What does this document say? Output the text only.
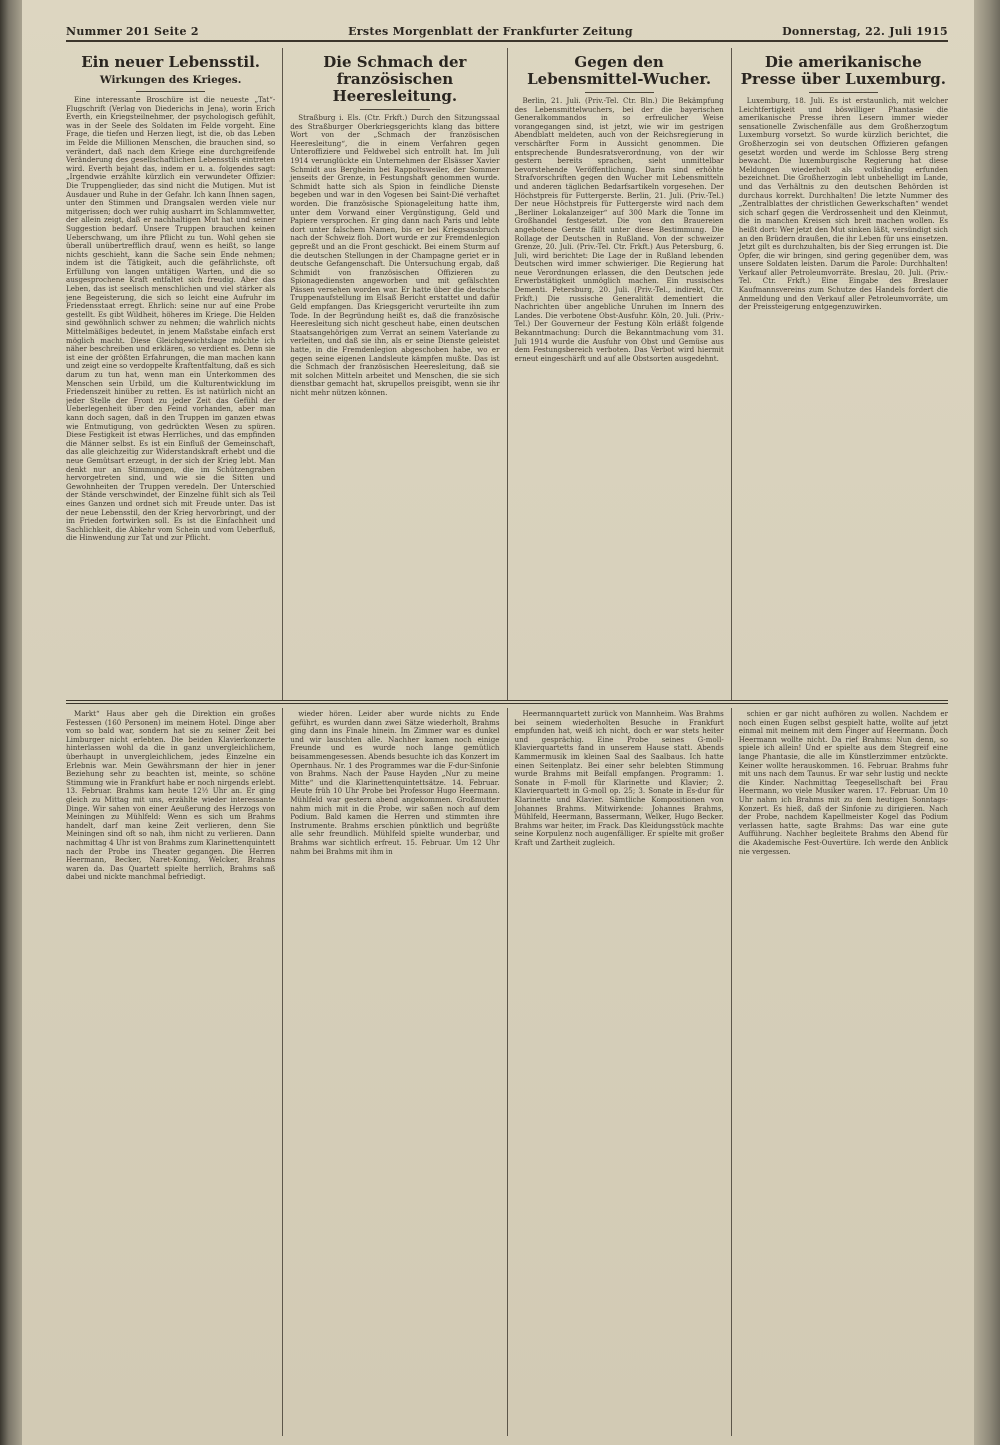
Nummer 201 Seite 2	Erstes Morgenblatt der Frankfurter Zeitung	Donnerstag, 22. Juli 1915
Ein neuer Lebensstil.
Wirkungen des Krieges.
Eine interessante Broschüre ist die neueste „Tat“-Flugschrift (Verlag von Diederichs in Jena), worin Erich Everth, ein Kriegsteilnehmer, der psychologisch gefühlt, was in der Seele des Soldaten im Felde vorgeht. Eine Frage, die tiefen und Herzen liegt, ist die, ob das Leben im Felde die Millionen Menschen, die brauchen sind, so verändert, daß nach dem Kriege eine durchgreifende Veränderung des gesellschaftlichen Lebensstils eintreten wird. Everth bejaht das, indem er u. a. folgendes sagt: „Irgendwie erzählte kürzlich ein verwundeter Offizier: Die Truppenglieder, das sind nicht die Mutigen. Mut ist Ausdauer und Ruhe in der Gefahr. Ich kann Ihnen sagen, unter den Stimmen und Drangsalen werden viele nur mitgerissen; doch wer ruhig ausharrt im Schlammwetter, der allein zeigt, daß er nachhaltigen Mut hat und seiner Suggestion bedarf. Unsere Truppen brauchen keinen Ueberschwang, um ihre Pflicht zu tun. Wohl gehen sie überall unübertrefflich drauf, wenn es heißt, so lange nichts geschieht, kann die Sache sein Ende nehmen; indem ist die Tätigkeit, auch die gefährlichste, oft Erfüllung von langen untätigen Warten, und die so ausgesprochene Kraft entfaltet sich freudig. Aber das Leben, das ist seelisch menschlichen und viel stärker als jene Begeisterung, die sich so leicht eine Aufruhr im Friedensstaat erregt. Ehrlich: seine nur auf eine Probe gestellt. Es gibt Wildheit, höheres im Kriege. Die Helden sind gewöhnlich schwer zu nehmen; die wahrlich nichts Mittelmäßiges bedeutet, in jenem Maßstabe einfach erst möglich macht. Diese Gleichgewichtslage möchte ich näher beschreiben und erklären, so verdient es. Denn sie ist eine der größten Erfahrungen, die man machen kann und zeigt eine so verdoppelte Kraftentfaltung, daß es sich darum zu tun hat, wenn man ein Unterkommen des Menschen sein Urbild, um die Kulturentwicklung im Friedenszeit hinüber zu retten. Es ist natürlich nicht an jeder Stelle der Front zu jeder Zeit das Gefühl der Ueberlegenheit über den Feind vorhanden, aber man kann doch sagen, daß in den Truppen im ganzen etwas wie Entmutigung, von gedrückten Wesen zu spüren. Diese Festigkeit ist etwas Herrliches, und das empfinden die Männer selbst. Es ist ein Einfluß der Gemeinschaft, das alle gleichzeitig zur Widerstandskraft erhebt und die neue Gemütsart erzeugt, in der sich der Krieg lebt. Man denkt nur an Stimmungen, die im Schützengraben hervorgetreten sind, und wie sie die Sitten und Gewohnheiten der Truppen veredeln. Der Unterschied der Stände verschwindet, der Einzelne fühlt sich als Teil eines Ganzen und ordnet sich mit Freude unter. Das ist der neue Lebensstil, den der Krieg hervorbringt, und der im Frieden fortwirken soll. Es ist die Einfachheit und Sachlichkeit, die Abkehr vom Schein und vom Ueberfluß, die Hinwendung zur Tat und zur Pflicht.
Die Schmach der französischen Heeresleitung.
Straßburg i. Els. (Ctr. Frkft.) Durch den Sitzungssaal des Straßburger Oberkriegsgerichts klang das bittere Wort von der „Schmach der französischen Heeresleitung“, die in einem Verfahren gegen Unteroffiziere und Feldwebel sich entrollt hat. Im Juli 1914 verunglückte ein Unternehmen der Elsässer Xavier Schmidt aus Bergheim bei Rappoltsweiler, der Sommer jenseits der Grenze, in Festungshaft genommen wurde. Schmidt hatte sich als Spion in feindliche Dienste begeben und war in den Vogesen bei Saint-Dié verhaftet worden. Die französische Spionageleitung hatte ihm, unter dem Vorwand einer Vergünstigung, Geld und Papiere versprochen. Er ging dann nach Paris und lebte dort unter falschem Namen, bis er bei Kriegsausbruch nach der Schweiz floh. Dort wurde er zur Fremdenlegion gepreßt und an die Front geschickt. Bei einem Sturm auf die deutschen Stellungen in der Champagne geriet er in deutsche Gefangenschaft. Die Untersuchung ergab, daß Schmidt von französischen Offizieren zu Spionagediensten angeworben und mit gefälschten Pässen versehen worden war. Er hatte über die deutsche Truppenaufstellung im Elsaß Bericht erstattet und dafür Geld empfangen. Das Kriegsgericht verurteilte ihn zum Tode. In der Begründung heißt es, daß die französische Heeresleitung sich nicht gescheut habe, einen deutschen Staatsangehörigen zum Verrat an seinem Vaterlande zu verleiten, und daß sie ihn, als er seine Dienste geleistet hatte, in die Fremdenlegion abgeschoben habe, wo er gegen seine eigenen Landsleute kämpfen mußte. Das ist die Schmach der französischen Heeresleitung, daß sie mit solchen Mitteln arbeitet und Menschen, die sie sich dienstbar gemacht hat, skrupellos preisgibt, wenn sie ihr nicht mehr nützen können.
Gegen den Lebensmittel-Wucher.
Berlin, 21. Juli. (Priv.-Tel. Ctr. Bln.) Die Bekämpfung des Lebensmittelwuchers, bei der die bayerischen Generalkommandos in so erfreulicher Weise vorangegangen sind, ist jetzt, wie wir im gestrigen Abendblatt meldeten, auch von der Reichsregierung in verschärfter Form in Aussicht genommen. Die entsprechende Bundesratsverordnung, von der wir gestern bereits sprachen, sieht unmittelbar bevorstehende Veröffentlichung. Darin sind erhöhte Strafvorschriften gegen den Wucher mit Lebensmitteln und anderen täglichen Bedarfsartikeln vorgesehen. Der Höchstpreis für Futtergerste. Berlin, 21. Juli. (Priv.-Tel.) Der neue Höchstpreis für Futtergerste wird nach dem „Berliner Lokalanzeiger“ auf 300 Mark die Tonne im Großhandel festgesetzt. Die von den Brauereien angebotene Gerste fällt unter diese Bestimmung. Die Rollage der Deutschen in Rußland. Von der schweizer Grenze, 20. Juli. (Priv.-Tel. Ctr. Frkft.) Aus Petersburg, 6. Juli, wird berichtet: Die Lage der in Rußland lebenden Deutschen wird immer schwieriger. Die Regierung hat neue Verordnungen erlassen, die den Deutschen jede Erwerbstätigkeit unmöglich machen. Ein russisches Dementi. Petersburg, 20. Juli. (Priv.-Tel., indirekt, Ctr. Frkft.) Die russische Generalität dementiert die Nachrichten über angebliche Unruhen im Innern des Landes. Die verbotene Obst-Ausfuhr. Köln, 20. Juli. (Priv.-Tel.) Der Gouverneur der Festung Köln erläßt folgende Bekanntmachung: Durch die Bekanntmachung vom 31. Juli 1914 wurde die Ausfuhr von Obst und Gemüse aus dem Festungsbereich verboten. Das Verbot wird hiermit erneut eingeschärft und auf alle Obstsorten ausgedehnt.
Die amerikanische Presse über Luxemburg.
Luxemburg, 18. Juli. Es ist erstaunlich, mit welcher Leichtfertigkeit und böswilliger Phantasie die amerikanische Presse ihren Lesern immer wieder sensationelle Zwischenfälle aus dem Großherzogtum Luxemburg vorsetzt. So wurde kürzlich berichtet, die Großherzogin sei von deutschen Offizieren gefangen gesetzt worden und werde im Schlosse Berg streng bewacht. Die luxemburgische Regierung hat diese Meldungen wiederholt als vollständig erfunden bezeichnet. Die Großherzogin lebt unbehelligt im Lande, und das Verhältnis zu den deutschen Behörden ist durchaus korrekt. Durchhalten! Die letzte Nummer des „Zentralblattes der christlichen Gewerkschaften“ wendet sich scharf gegen die Verdrossenheit und den Kleinmut, die in manchen Kreisen sich breit machen wollen. Es heißt dort: Wer jetzt den Mut sinken läßt, versündigt sich an den Brüdern draußen, die ihr Leben für uns einsetzen. Jetzt gilt es durchzuhalten, bis der Sieg errungen ist. Die Opfer, die wir bringen, sind gering gegenüber dem, was unsere Soldaten leisten. Darum die Parole: Durchhalten! Verkauf aller Petroleumvorräte. Breslau, 20. Juli. (Priv.-Tel. Ctr. Frkft.) Eine Eingabe des Breslauer Kaufmannsvereins zum Schutze des Handels fordert die Anmeldung und den Verkauf aller Petroleumvorräte, um der Preissteigerung entgegenzuwirken.
Markt“ Haus aber geh die Direktion ein großes Festessen (160 Personen) im meinem Hotel. Dinge aber vom so bald war, sondern hat sie zu seiner Zeit bei Limburger nicht erlebten. Die beiden Klavierkonzerte hinterlassen wohl da die in ganz unvergleichlichem, überhaupt in unvergleichlichem, jedes Einzelne ein Erlebnis war. Mein Gewährsmann der hier in jener Beziehung sehr zu beachten ist, meinte, so schöne Stimmung wie in Frankfurt habe er noch nirgends erlebt. 13. Februar. Brahms kam heute 12½ Uhr an. Er ging gleich zu Mittag mit uns, erzählte wieder interessante Dinge. Wir sahen von einer Aeußerung des Herzogs von Meiningen zu Mühlfeld: Wenn es sich um Brahms handelt, darf man keine Zeit verlieren, denn Sie Meiningen sind oft so nah, ihm nicht zu verlieren. Dann nachmittag 4 Uhr ist von Brahms zum Klarinettenquintett nach der Probe ins Theater gegangen. Die Herren Heermann, Becker, Naret-Koning, Welcker, Brahms waren da. Das Quartett spielte herrlich, Brahms saß dabei und nickte manchmal befriedigt.
wieder hören. Leider aber wurde nichts zu Ende geführt, es wurden dann zwei Sätze wiederholt, Brahms ging dann ins Finale hinein. Im Zimmer war es dunkel und wir lauschten alle. Nachher kamen noch einige Freunde und es wurde noch lange gemütlich beisammengesessen. Abends besuchte ich das Konzert im Opernhaus. Nr. 1 des Programmes war die F-dur-Sinfonie von Brahms. Nach der Pause Hayden „Nur zu meine Mitte“ und die Klarinettenquintettsätze. 14. Februar. Heute früh 10 Uhr Probe bei Professor Hugo Heermann. Mühlfeld war gestern abend angekommen. Großmutter nahm mich mit in die Probe, wir saßen noch auf dem Podium. Bald kamen die Herren und stimmten ihre Instrumente. Brahms erschien pünktlich und begrüßte alle sehr freundlich. Mühlfeld spielte wunderbar, und Brahms war sichtlich erfreut. 15. Februar. Um 12 Uhr nahm bei Brahms mit ihm in
Heermannquartett zurück von Mannheim. Was Brahms bei seinem wiederholten Besuche in Frankfurt empfunden hat, weiß ich nicht, doch er war stets heiter und gesprächig. Eine Probe seines G-moll-Klavierquartetts fand in unserem Hause statt. Abends Kammermusik im kleinen Saal des Saalbaus. Ich hatte einen Seitenplatz. Bei einer sehr belebten Stimmung wurde Brahms mit Beifall empfangen. Programm: 1. Sonate in F-moll für Klarinette und Klavier; 2. Klavierquartett in G-moll op. 25; 3. Sonate in Es-dur für Klarinette und Klavier. Sämtliche Kompositionen von Johannes Brahms. Mitwirkende: Johannes Brahms, Mühlfeld, Heermann, Bassermann, Welker, Hugo Becker. Brahms war heiter, im Frack. Das Kleidungsstück machte seine Korpulenz noch augenfälliger. Er spielte mit großer Kraft und Zartheit zugleich.
schien er gar nicht aufhören zu wollen. Nachdem er noch einen Eugen selbst gespielt hatte, wollte auf jetzt einmal mit meinem mit dem Finger auf Heermann. Doch Heermann wollte nicht. Da rief Brahms: Nun denn, so spiele ich allein! Und er spielte aus dem Stegreif eine lange Phantasie, die alle im Künstlerzimmer entzückte. Keiner wollte herauskommen. 16. Februar. Brahms fuhr mit uns nach dem Taunus. Er war sehr lustig und neckte die Kinder. Nachmittag Teegesellschaft bei Frau Heermann, wo viele Musiker waren. 17. Februar. Um 10 Uhr nahm ich Brahms mit zu dem heutigen Sonntags-Konzert. Es hieß, daß der Sinfonie zu dirigieren. Nach der Probe, nachdem Kapellmeister Kogel das Podium verlassen hatte, sagte Brahms: Das war eine gute Aufführung. Nachher begleitete Brahms den Abend für die Akademische Fest-Ouvertüre. Ich werde den Anblick nie vergessen.
